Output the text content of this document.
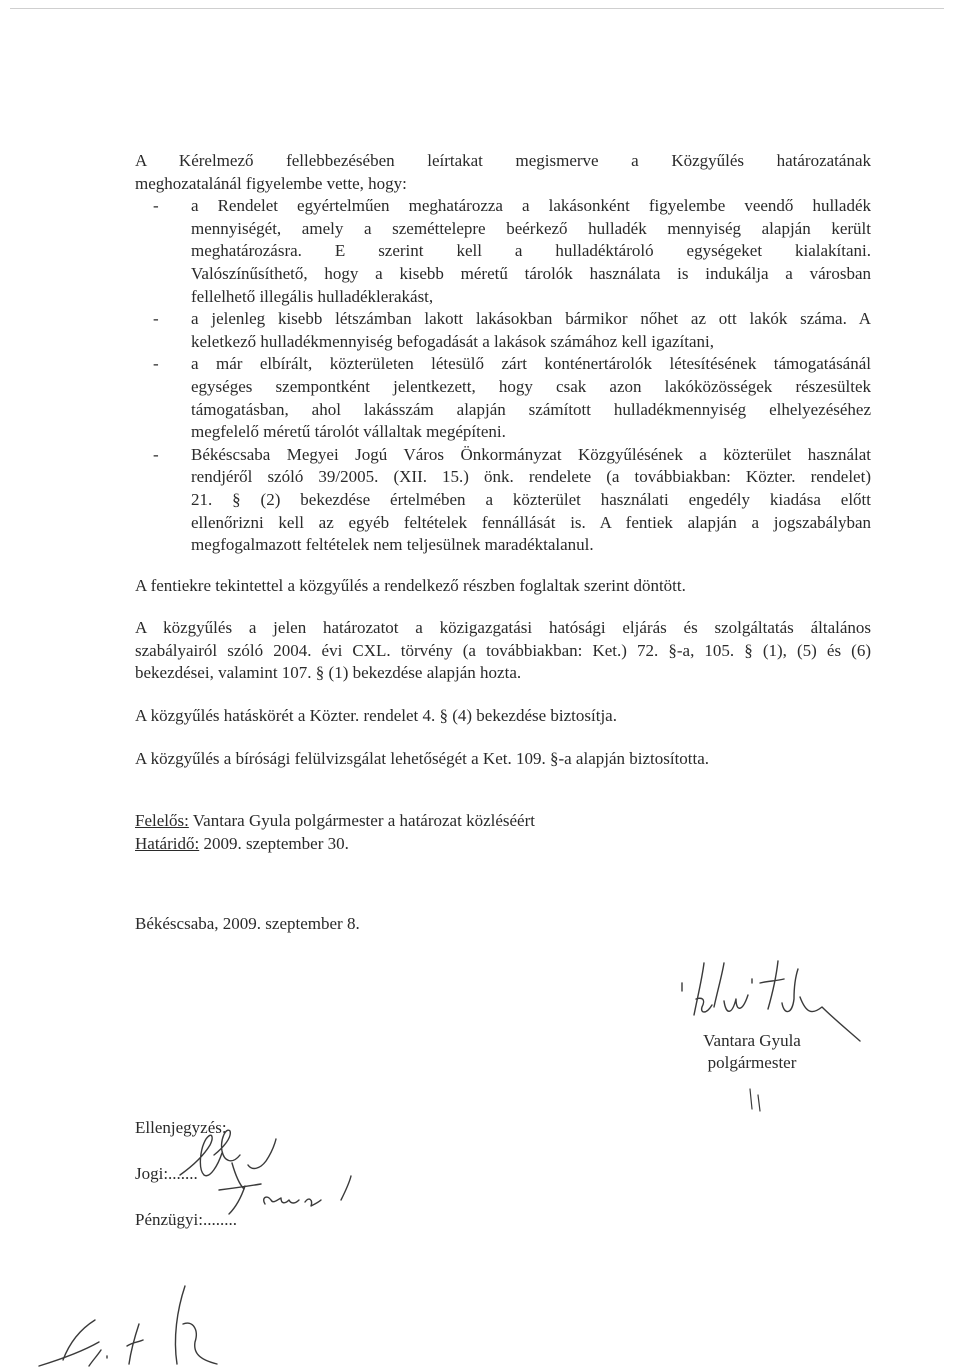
A Kérelmező fellebbezésében leírtakat megismerve a Közgyűlés határozatának

meghozatalánál figyelembe vette, hogy:

- a Rendelet egyértelműen meghatározza a lakásonként figyelembe veendő hulladék

mennyiségét, amely a szeméttelepre beérkező hulladék mennyiség alapján került

meghatározásra. E szerint kell a hulladéktároló egységeket kialakítani.

Valószínűsíthető, hogy a kisebb méretű tárolók használata is indukálja a városban

fellelhető illegális hulladéklerakást,

- a jelenleg kisebb létszámban lakott lakásokban bármikor nőhet az ott lakók száma. A

keletkező hulladékmennyiség befogadását a lakások számához kell igazítani,

- a már elbírált, közterületen létesülő zárt konténertárolók létesítésének támogatásánál

egységes szempontként jelentkezett, hogy csak azon lakóközösségek részesültek

támogatásban, ahol lakásszám alapján számított hulladékmennyiség elhelyezéséhez

megfelelő méretű tárolót vállaltak megépíteni.

- Békéscsaba Megyei Jogú Város Önkormányzat Közgyűlésének a közterület használat

rendjéről szóló 39/2005. (XII. 15.) önk. rendelete (a továbbiakban: Közter. rendelet)

21. § (2) bekezdése értelmében a közterület használati engedély kiadása előtt

ellenőrizni kell az egyéb feltételek fennállását is. A fentiek alapján a jogszabályban

megfogalmazott feltételek nem teljesülnek maradéktalanul.

A fentiekre tekintettel a közgyűlés a rendelkező részben foglaltak szerint döntött.

A közgyűlés a jelen határozatot a közigazgatási hatósági eljárás és szolgáltatás általános

szabályairól szóló 2004. évi CXL. törvény (a továbbiakban: Ket.) 72. §-a, 105. § (1), (5) és (6)

bekezdései, valamint 107. § (1) bekezdése alapján hozta.

A közgyűlés hatáskörét a Közter. rendelet 4. § (4) bekezdése biztosítja.

A közgyűlés a bírósági felülvizsgálat lehetőségét a Ket. 109. §-a alapján biztosította.

Felelős: Vantara Gyula polgármester a határozat közléséért

Határidő: 2009. szeptember 30.

Békéscsaba, 2009. szeptember 8.

Vantara Gyula
polgármester
Ellenjegyzés:
Jogi:.......
Pénzügyi:........
